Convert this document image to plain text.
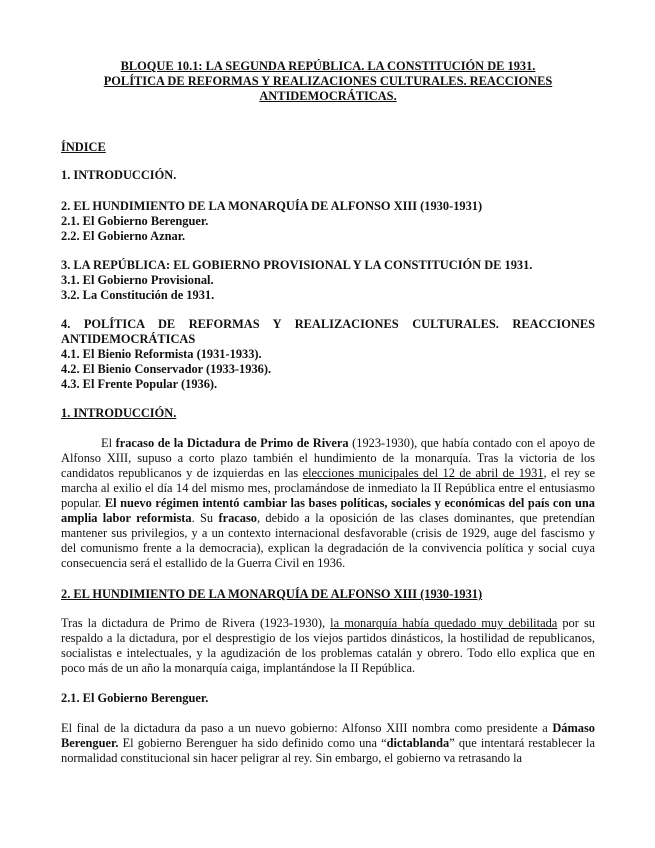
BLOQUE 10.1: LA SEGUNDA REPÚBLICA. LA CONSTITUCIÓN DE 1931.
POLÍTICA DE REFORMAS Y REALIZACIONES CULTURALES. REACCIONES
ANTIDEMOCRÁTICAS.

ÍNDICE

1. INTRODUCCIÓN.

2. EL HUNDIMIENTO DE LA MONARQUÍA DE ALFONSO XIII (1930-1931)

2.1. El Gobierno Berenguer.

2.2. El Gobierno Aznar.

3. LA REPÚBLICA: EL GOBIERNO PROVISIONAL Y LA CONSTITUCIÓN DE 1931.

3.1. El Gobierno Provisional.

3.2. La Constitución de 1931.

4. POLÍTICA DE REFORMAS Y REALIZACIONES CULTURALES. REACCIONES

ANTIDEMOCRÁTICAS

4.1. El Bienio Reformista (1931-1933).

4.2. El Bienio Conservador (1933-1936).

4.3. El Frente Popular (1936).

1. INTRODUCCIÓN.

El fracaso de la Dictadura de Primo de Rivera (1923-1930), que había contado con el apoyo de Alfonso XIII, supuso a corto plazo también el hundimiento de la monarquía. Tras la victoria de los candidatos republicanos y de izquierdas en las elecciones municipales del 12 de abril de 1931, el rey se marcha al exilio el día 14 del mismo mes, proclamándose de inmediato la II República entre el entusiasmo popular. El nuevo régimen intentó cambiar las bases políticas, sociales y económicas del país con una amplia labor reformista. Su fracaso, debido a la oposición de las clases dominantes, que pretendían mantener sus privilegios, y a un contexto internacional desfavorable (crisis de 1929, auge del fascismo y del comunismo frente a la democracia), explican la degradación de la convivencia política y social cuya consecuencia será el estallido de la Guerra Civil en 1936.

2. EL HUNDIMIENTO DE LA MONARQUÍA DE ALFONSO XIII (1930-1931)

Tras la dictadura de Primo de Rivera (1923-1930), la monarquía había quedado muy debilitada por su respaldo a la dictadura, por el desprestigio de los viejos partidos dinásticos, la hostilidad de republicanos, socialistas e intelectuales, y la agudización de los problemas catalán y obrero. Todo ello explica que en poco más de un año la monarquía caiga, implantándose la II República.

2.1. El Gobierno Berenguer.

El final de la dictadura da paso a un nuevo gobierno: Alfonso XIII nombra como presidente a Dámaso Berenguer. El gobierno Berenguer ha sido definido como una “dictablanda” que intentará restablecer la normalidad constitucional sin hacer peligrar al rey. Sin embargo, el gobierno va retrasando la
